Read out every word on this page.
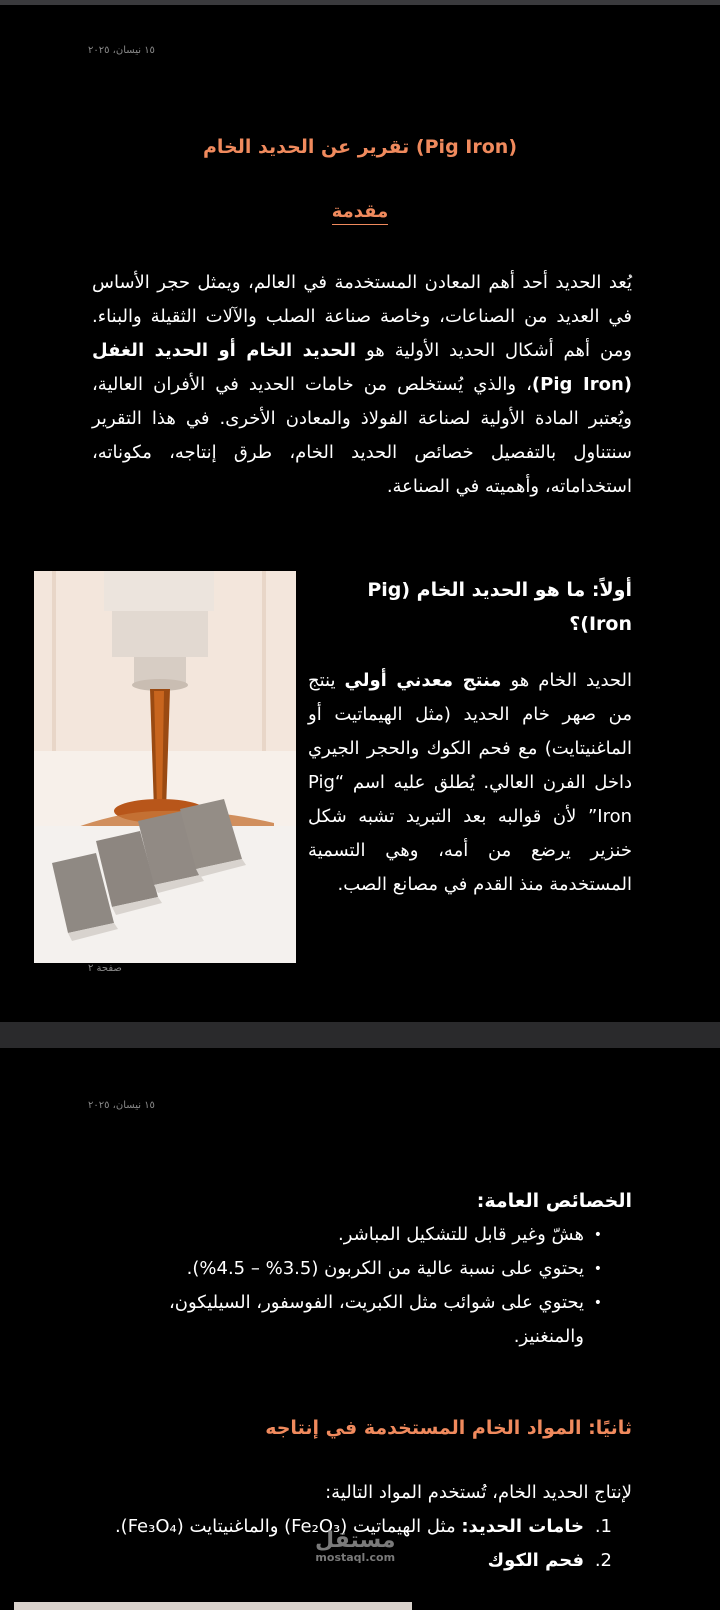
١٥ نيسان، ٢٠٢٥
(Pig Iron) تقرير عن الحديد الخام
مقدمة
يُعد الحديد أحد أهم المعادن المستخدمة في العالم، ويمثل حجر الأساس في العديد من الصناعات، وخاصة صناعة الصلب والآلات الثقيلة والبناء. ومن أهم أشكال الحديد الأولية هو الحديد الخام أو الحديد الغفل (Pig Iron)، والذي يُستخلص من خامات الحديد في الأفران العالية، ويُعتبر المادة الأولية لصناعة الفولاذ والمعادن الأخرى. في هذا التقرير سنتناول بالتفصيل خصائص الحديد الخام، طرق إنتاجه، مكوناته، استخداماته، وأهميته في الصناعة.
أولاً: ما هو الحديد الخام (Pig Iron)؟
الحديد الخام هو منتج معدني أولي ينتج من صهر خام الحديد (مثل الهيماتيت أو الماغنيتايت) مع فحم الكوك والحجر الجيري داخل الفرن العالي. يُطلق عليه اسم “Pig Iron” لأن قوالبه بعد التبريد تشبه شكل خنزير يرضع من أمه، وهي التسمية المستخدمة منذ القدم في مصانع الصب.
صفحة ٢
١٥ نيسان، ٢٠٢٥
الخصائص العامة:
•
هشّ وغير قابل للتشكيل المباشر.
•
يحتوي على نسبة عالية من الكربون (3.5% – 4.5%).
•
يحتوي على شوائب مثل الكبريت، الفوسفور، السيليكون، والمنغنيز.
ثانيًا: المواد الخام المستخدمة في إنتاجه
لإنتاج الحديد الخام، تُستخدم المواد التالية:
1.
خامات الحديد: مثل الهيماتيت (Fe₂O₃) والماغنيتايت (Fe₃O₄).
2.
فحم الكوك
مستقل
mostaql.com
